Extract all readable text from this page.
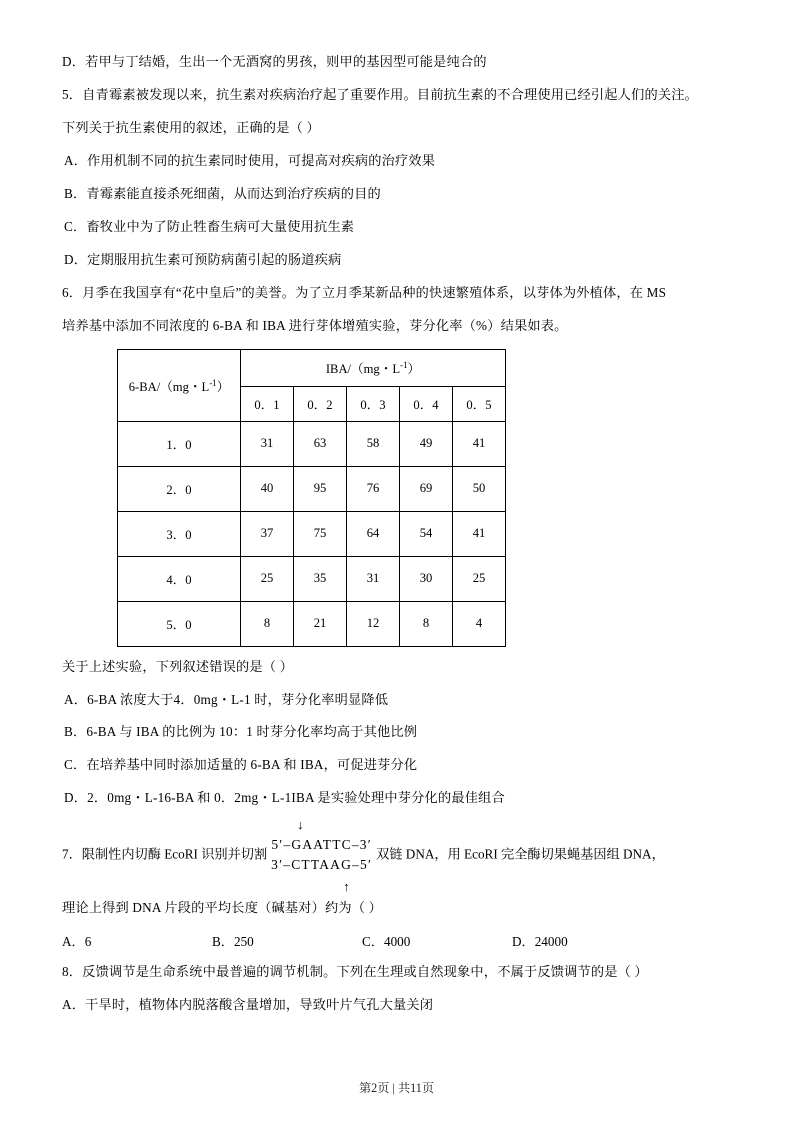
D．若甲与丁结婚，生出一个无酒窝的男孩，则甲的基因型可能是纯合的

5．自青霉素被发现以来，抗生素对疾病治疗起了重要作用。目前抗生素的不合理使用已经引起人们的关注。

下列关于抗生素使用的叙述，正确的是（ ）

A．作用机制不同的抗生素同时使用，可提高对疾病的治疗效果

B．青霉素能直接杀死细菌，从而达到治疗疾病的目的

C．畜牧业中为了防止牲畜生病可大量使用抗生素

D．定期服用抗生素可预防病菌引起的肠道疾病

6．月季在我国享有“花中皇后”的美誉。为了立月季某新品种的快速繁殖体系，以芽体为外植体，在 MS

培养基中添加不同浓度的 6-BA 和 IBA 进行芽体增殖实验，芽分化率（%）结果如表。

6-BA/（mg・$L^{-1}$）	IBA/（mg・$L^{-1}$）				
	0．1	0．2	0．3	0．4	0．5
1．0	31	63	58	49	41
2．0	40	95	76	69	50
3．0	37	75	64	54	41
4．0	25	35	31	30	25
5．0	8	21	12	8	4

关于上述实验，下列叙述错误的是（ ）

A．6-BA 浓度大于4．0mg・L-1 时，芽分化率明显降低

B．6-BA 与 IBA 的比例为 10：1 时芽分化率均高于其他比例

C．在培养基中同时添加适量的 6-BA 和 IBA，可促进芽分化

D．2．0mg・L-16-BA 和 0．2mg・L-1IBA 是实验处理中芽分化的最佳组合

7．限制性内切酶 EcoRI 识别并切割
↓
5′–GAATTC–3′
3′–CTTAAG–5′
↑
双链 DNA，用 EcoRI 完全酶切果蝇基因组 DNA，

理论上得到 DNA 片段的平均长度（碱基对）约为（ ）

A．6	B．250	C．4000	D．24000

8．反馈调节是生命系统中最普遍的调节机制。下列在生理或自然现象中，不属于反馈调节的是（ ）

A．干旱时，植物体内脱落酸含量增加，导致叶片气孔大量关闭

第2页 | 共11页
